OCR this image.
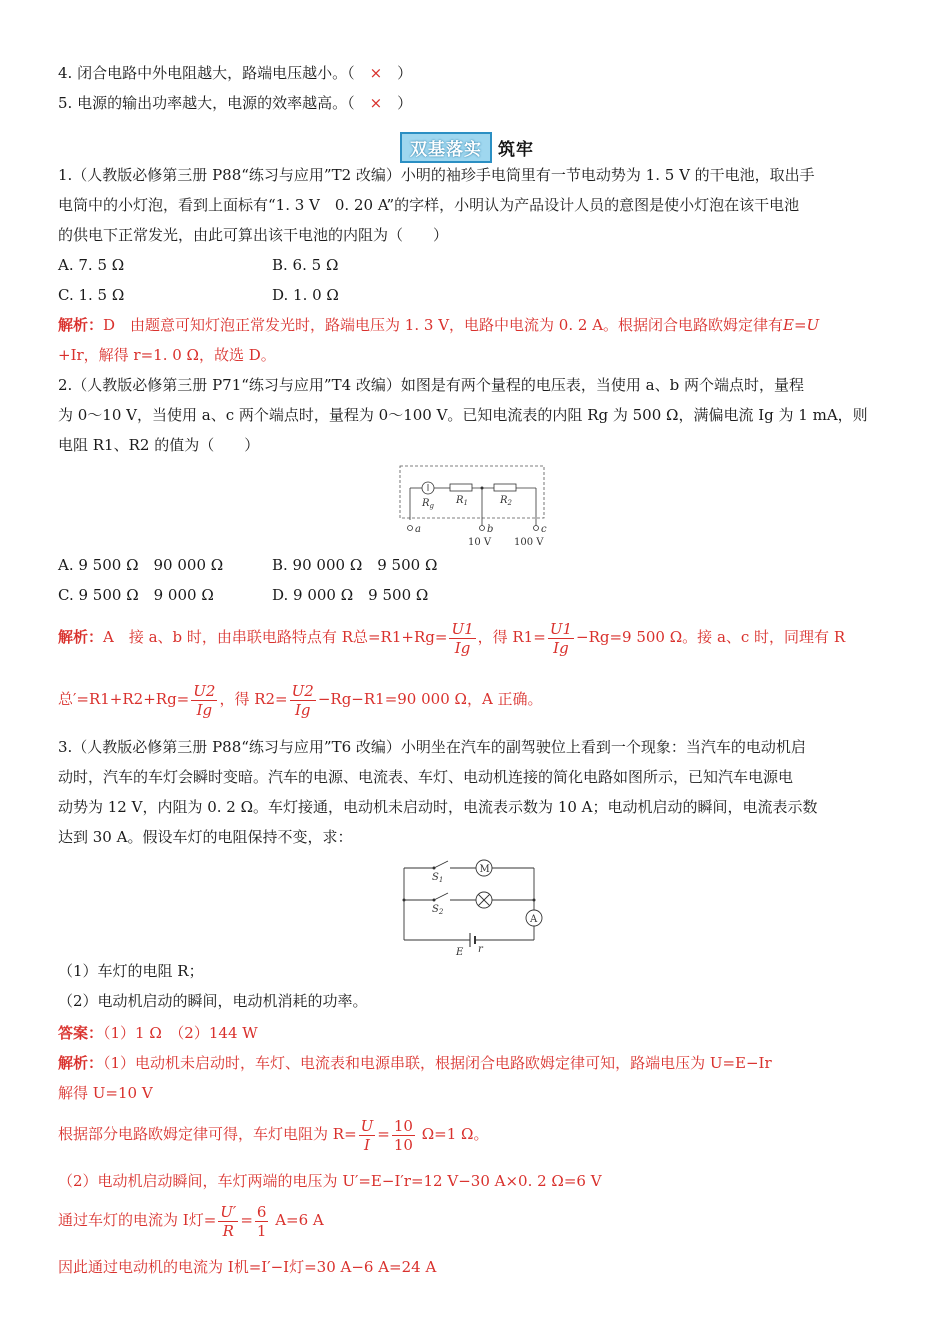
4. 闭合电路中外电阻越大，路端电压越小。（　×　）
5. 电源的输出功率越大，电源的效率越高。（　×　）
双基落实 筑牢
1.（人教版必修第三册 P88“练习与应用”T2 改编）小明的袖珍手电筒里有一节电动势为 1. 5 V 的干电池，取出手
电筒中的小灯泡，看到上面标有“1. 3 V　0. 20 A”的字样，小明认为产品设计人员的意图是使小灯泡在该干电池
的供电下正常发光，由此可算出该干电池的内阻为（　　）
A. 7. 5 Ω	B. 6. 5 Ω
C. 1. 5 Ω	D. 1. 0 Ω
解析：D　由题意可知灯泡正常发光时，路端电压为 1. 3 V，电路中电流为 0. 2 A。根据闭合电路欧姆定律有E=U
+Ir，解得 r=1. 0 Ω，故选 D。
2.（人教版必修第三册 P71“练习与应用”T4 改编）如图是有两个量程的电压表，当使用 a、b 两个端点时，量程
为 0～10 V，当使用 a、c 两个端点时，量程为 0～100 V。已知电流表的内阻 Rg 为 500 Ω，满偏电流 Ig 为 1 mA，则
电阻 R1、R2 的值为（　　）
$R_g$ $R_1$	$R_2$
a	b	c
10 V 100 V
A. 9 500 Ω　90 000 Ω	B. 90 000 Ω　9 500 Ω
C. 9 500 Ω　9 000 Ω	D. 9 000 Ω　9 500 Ω
解析：A　接 a、b 时，由串联电路特点有 R总$=R1+Rg= \frac{U1}{Ig}$ ，得 $R1= \frac{U1}{Ig} -Rg=9$ 500 Ω。接 a、c 时，同理有 R
总$'=R1+R2+Rg= \frac{U2}{Ig}$ ，得 $R2= \frac{U2}{Ig} -Rg-R1=90$ 000 Ω，A 正确。
3.（人教版必修第三册 P88“练习与应用”T6 改编）小明坐在汽车的副驾驶位上看到一个现象：当汽车的电动机启
动时，汽车的车灯会瞬时变暗。汽车的电源、电流表、车灯、电动机连接的简化电路如图所示，已知汽车电源电
动势为 12 V，内阻为 0. 2 Ω。车灯接通，电动机未启动时，电流表示数为 10 A；电动机启动的瞬间，电流表示数
达到 30 A。假设车灯的电阻保持不变，求：
M
A
$S_1$
$S_2$
E r
（1）车灯的电阻 R；
（2）电动机启动的瞬间，电动机消耗的功率。
答案：（1）1 Ω　（2）144 W
解析：（1）电动机未启动时，车灯、电流表和电源串联，根据闭合电路欧姆定律可知，路端电压为 U=E−Ir
解得 U=10 V
根据部分电路欧姆定律可得，车灯电阻为 $R= \frac{U}{I} = \frac{10}{10} \Omega=1$ Ω。
（2）电动机启动瞬间，车灯两端的电压为 U′=E−I′r=12 V−30 A×0. 2 Ω=6 V
通过车灯的电流为 I灯= $\frac{U'}{R} = \frac{6}{1} A=6$ A
因此通过电动机的电流为 I机=I′−I灯=30 A−6 A=24 A
